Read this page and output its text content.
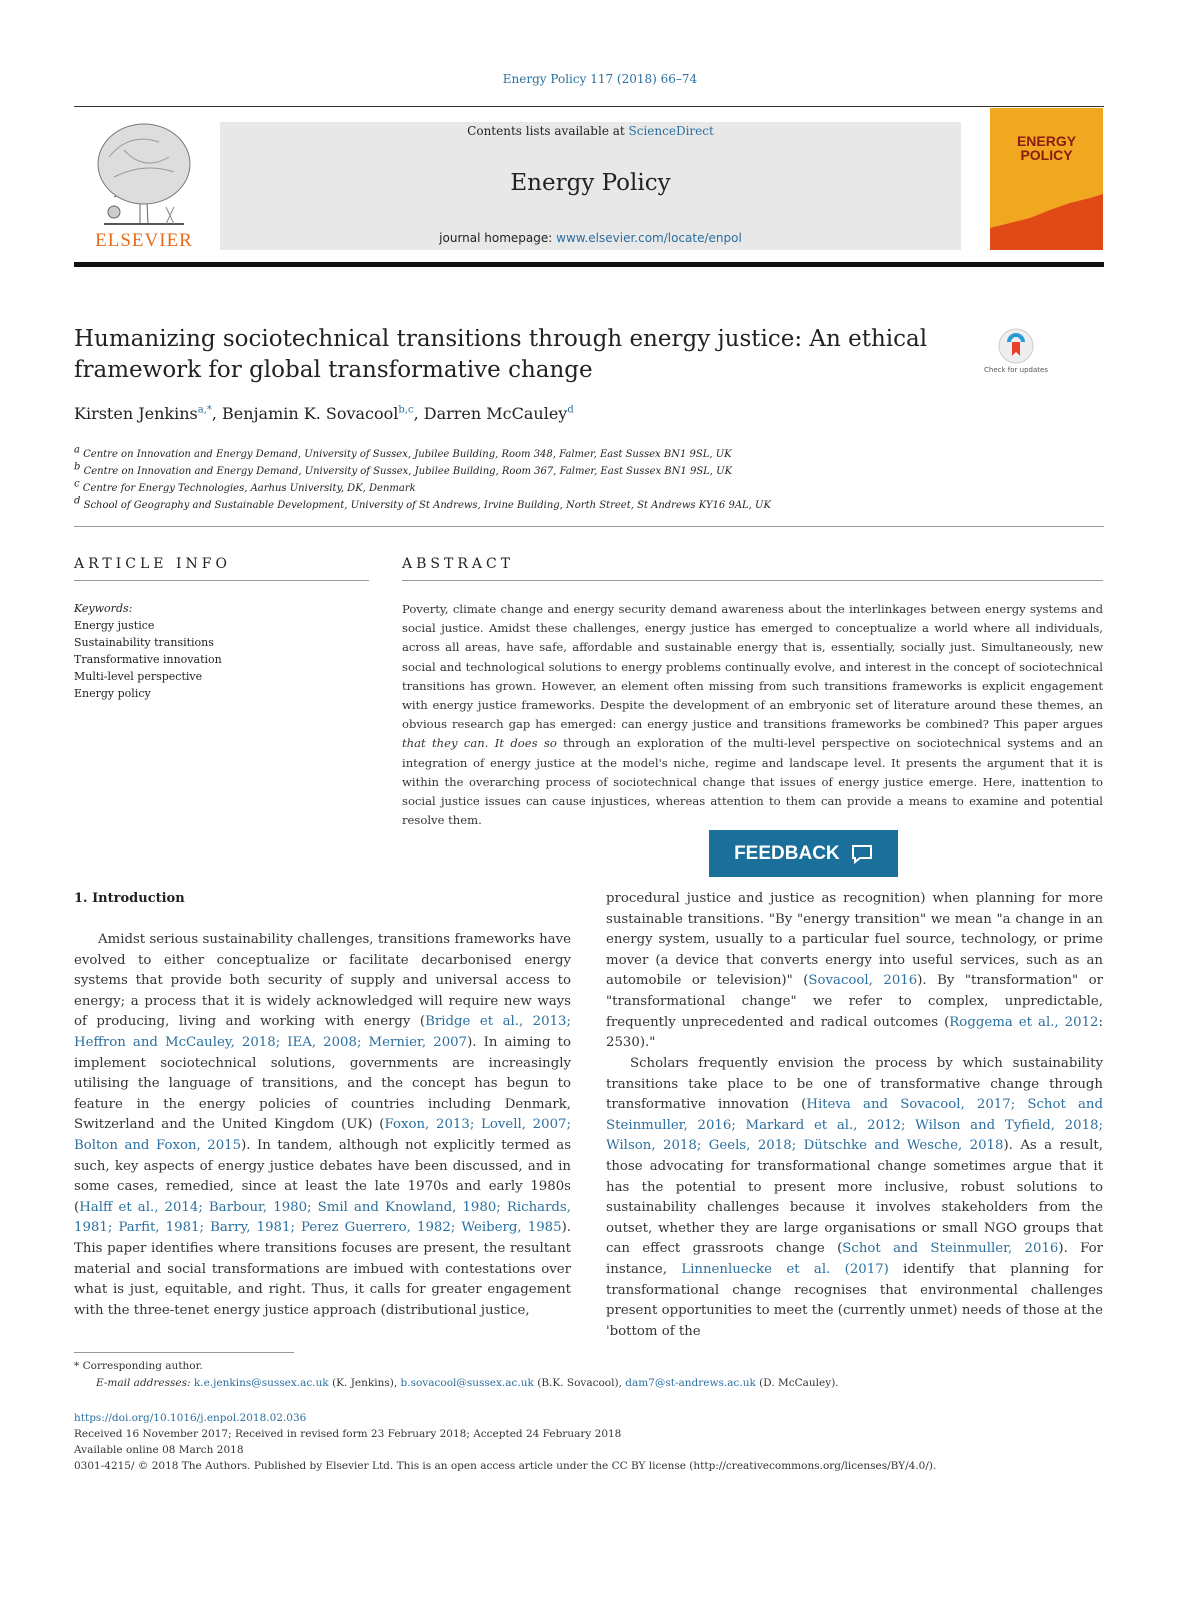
Energy Policy 117 (2018) 66–74
ELSEVIER
Contents lists available at ScienceDirect
Energy Policy
journal homepage: www.elsevier.com/locate/enpol
ENERGY
POLICY
Humanizing sociotechnical transitions through energy justice: An ethical framework for global transformative change	Check for updates
Kirsten Jenkins$^{a,*}$, Benjamin K. Sovacool$^{b,c}$, Darren McCauley$^d$
$^a$ Centre on Innovation and Energy Demand, University of Sussex, Jubilee Building, Room 348, Falmer, East Sussex BN1 9SL, UK
$^b$ Centre on Innovation and Energy Demand, University of Sussex, Jubilee Building, Room 367, Falmer, East Sussex BN1 9SL, UK
$^c$ Centre for Energy Technologies, Aarhus University, DK, Denmark
$^d$ School of Geography and Sustainable Development, University of St Andrews, Irvine Building, North Street, St Andrews KY16 9AL, UK
ARTICLE INFO	ABSTRACT
Keywords:
Energy justice
Sustainability transitions
Transformative innovation
Multi-level perspective
Energy policy
Poverty, climate change and energy security demand awareness about the interlinkages between energy systems and social justice. Amidst these challenges, energy justice has emerged to conceptualize a world where all individuals, across all areas, have safe, affordable and sustainable energy that is, essentially, socially just. Simultaneously, new social and technological solutions to energy problems continually evolve, and interest in the concept of sociotechnical transitions has grown. However, an element often missing from such transitions frameworks is explicit engagement with energy justice frameworks. Despite the development of an embryonic set of literature around these themes, an obvious research gap has emerged: can energy justice and transitions frameworks be combined? This paper argues that they can. It does so through an exploration of the multi-level perspective on sociotechnical systems and an integration of energy justice at the model's niche, regime and landscape level. It presents the argument that it is within the overarching process of sociotechnical change that issues of energy justice emerge. Here, inattention to social justice issues can cause injustices, whereas attention to them can provide a means to examine and potential resolve them.
FEEDBACK
1. Introduction
Amidst serious sustainability challenges, transitions frameworks have evolved to either conceptualize or facilitate decarbonised energy systems that provide both security of supply and universal access to energy; a process that it is widely acknowledged will require new ways of producing, living and working with energy (Bridge et al., 2013; Heffron and McCauley, 2018; IEA, 2008; Mernier, 2007). In aiming to implement sociotechnical solutions, governments are increasingly utilising the language of transitions, and the concept has begun to feature in the energy policies of countries including Denmark, Switzerland and the United Kingdom (UK) (Foxon, 2013; Lovell, 2007; Bolton and Foxon, 2015). In tandem, although not explicitly termed as such, key aspects of energy justice debates have been discussed, and in some cases, remedied, since at least the late 1970s and early 1980s (Halff et al., 2014; Barbour, 1980; Smil and Knowland, 1980; Richards, 1981; Parfit, 1981; Barry, 1981; Perez Guerrero, 1982; Weiberg, 1985). This paper identifies where transitions focuses are present, the resultant material and social transformations are imbued with contestations over what is just, equitable, and right. Thus, it calls for greater engagement with the three-tenet energy justice approach (distributional justice,
procedural justice and justice as recognition) when planning for more sustainable transitions. "By "energy transition" we mean "a change in an energy system, usually to a particular fuel source, technology, or prime mover (a device that converts energy into useful services, such as an automobile or television)" (Sovacool, 2016). By "transformation" or "transformational change" we refer to complex, unpredictable, frequently unprecedented and radical outcomes (Roggema et al., 2012: 2530)."
Scholars frequently envision the process by which sustainability transitions take place to be one of transformative change through transformative innovation (Hiteva and Sovacool, 2017; Schot and Steinmuller, 2016; Markard et al., 2012; Wilson and Tyfield, 2018; Wilson, 2018; Geels, 2018; Dütschke and Wesche, 2018). As a result, those advocating for transformational change sometimes argue that it has the potential to present more inclusive, robust solutions to sustainability challenges because it involves stakeholders from the outset, whether they are large organisations or small NGO groups that can effect grassroots change (Schot and Steinmuller, 2016). For instance, Linnenluecke et al. (2017) identify that planning for transformational change recognises that environmental challenges present opportunities to meet the (currently unmet) needs of those at the 'bottom of the
* Corresponding author.
E-mail addresses: k.e.jenkins@sussex.ac.uk (K. Jenkins), b.sovacool@sussex.ac.uk (B.K. Sovacool), dam7@st-andrews.ac.uk (D. McCauley).
https://doi.org/10.1016/j.enpol.2018.02.036
Received 16 November 2017; Received in revised form 23 February 2018; Accepted 24 February 2018
Available online 08 March 2018
0301-4215/ © 2018 The Authors. Published by Elsevier Ltd. This is an open access article under the CC BY license (http://creativecommons.org/licenses/BY/4.0/).
